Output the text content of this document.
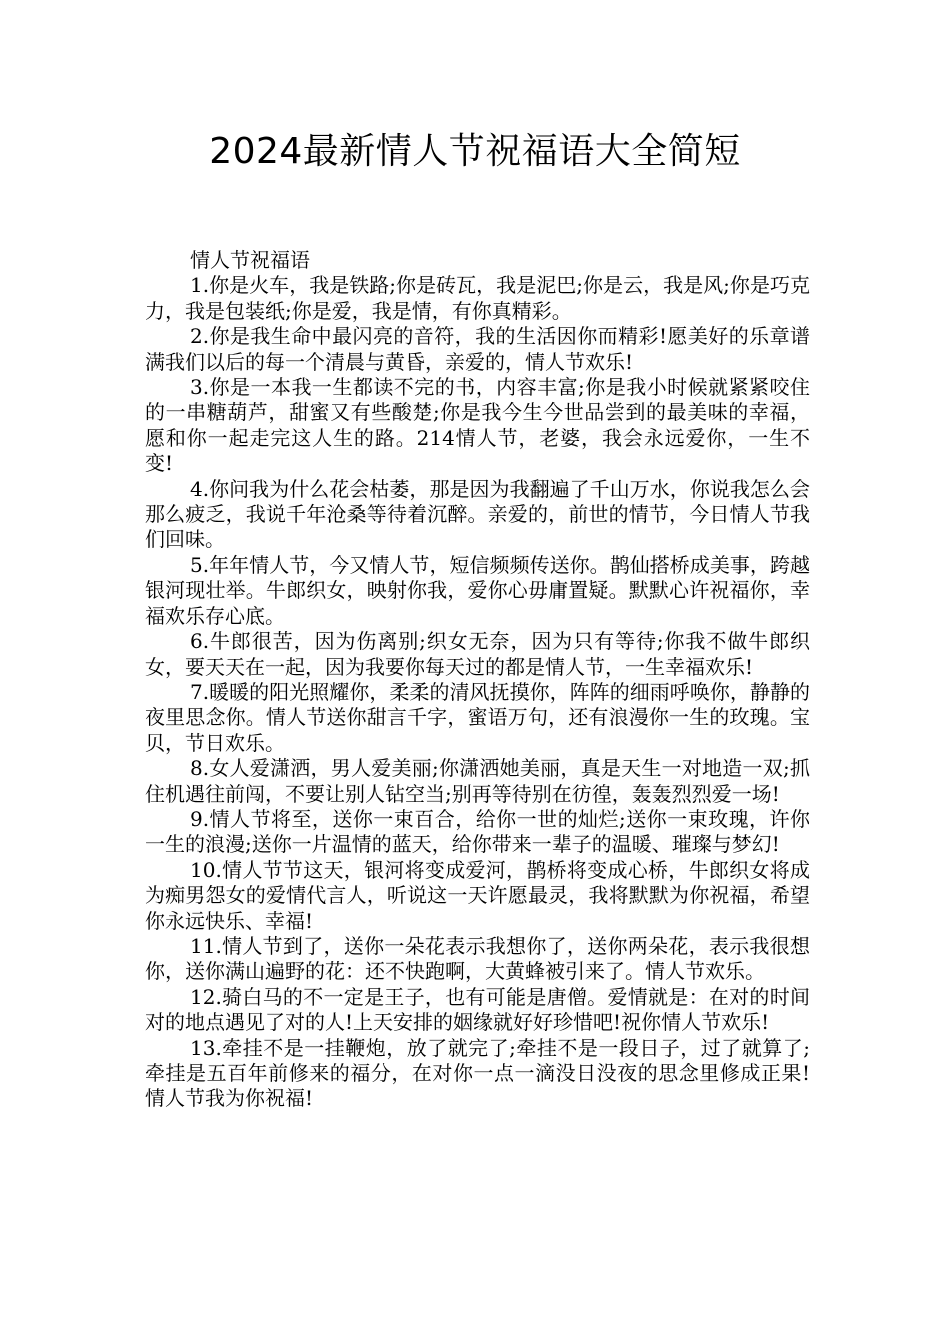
2024最新情人节祝福语大全简短

情人节祝福语

1.你是火车，我是铁路;你是砖瓦，我是泥巴;你是云，我是风;你是巧克力，我是包装纸;你是爱，我是情，有你真精彩。

2.你是我生命中最闪亮的音符，我的生活因你而精彩!愿美好的乐章谱满我们以后的每一个清晨与黄昏，亲爱的，情人节欢乐!

3.你是一本我一生都读不完的书，内容丰富;你是我小时候就紧紧咬住的一串糖葫芦，甜蜜又有些酸楚;你是我今生今世品尝到的最美味的幸福，愿和你一起走完这人生的路。214情人节，老婆，我会永远爱你，一生不变!

4.你问我为什么花会枯萎，那是因为我翻遍了千山万水，你说我怎么会那么疲乏，我说千年沧桑等待着沉醉。亲爱的，前世的情节，今日情人节我们回味。

5.年年情人节，今又情人节，短信频频传送你。鹊仙搭桥成美事，跨越银河现壮举。牛郎织女，映射你我，爱你心毋庸置疑。默默心许祝福你，幸福欢乐存心底。

6.牛郎很苦，因为伤离别;织女无奈，因为只有等待;你我不做牛郎织女，要天天在一起，因为我要你每天过的都是情人节，一生幸福欢乐!

7.暖暖的阳光照耀你，柔柔的清风抚摸你，阵阵的细雨呼唤你，静静的夜里思念你。情人节送你甜言千字，蜜语万句，还有浪漫你一生的玫瑰。宝贝，节日欢乐。

8.女人爱潇洒，男人爱美丽;你潇洒她美丽，真是天生一对地造一双;抓住机遇往前闯，不要让别人钻空当;别再等待别在彷徨，轰轰烈烈爱一场!

9.情人节将至，送你一束百合，给你一世的灿烂;送你一束玫瑰，许你一生的浪漫;送你一片温情的蓝天，给你带来一辈子的温暖、璀璨与梦幻!

10.情人节节这天，银河将变成爱河，鹊桥将变成心桥，牛郎织女将成为痴男怨女的爱情代言人，听说这一天许愿最灵，我将默默为你祝福，希望你永远快乐、幸福!

11.情人节到了，送你一朵花表示我想你了，送你两朵花，表示我很想你，送你满山遍野的花：还不快跑啊，大黄蜂被引来了。情人节欢乐。

12.骑白马的不一定是王子，也有可能是唐僧。爱情就是：在对的时间对的地点遇见了对的人!上天安排的姻缘就好好珍惜吧!祝你情人节欢乐!

13.牵挂不是一挂鞭炮，放了就完了;牵挂不是一段日子，过了就算了;牵挂是五百年前修来的福分，在对你一点一滴没日没夜的思念里修成正果!情人节我为你祝福!
